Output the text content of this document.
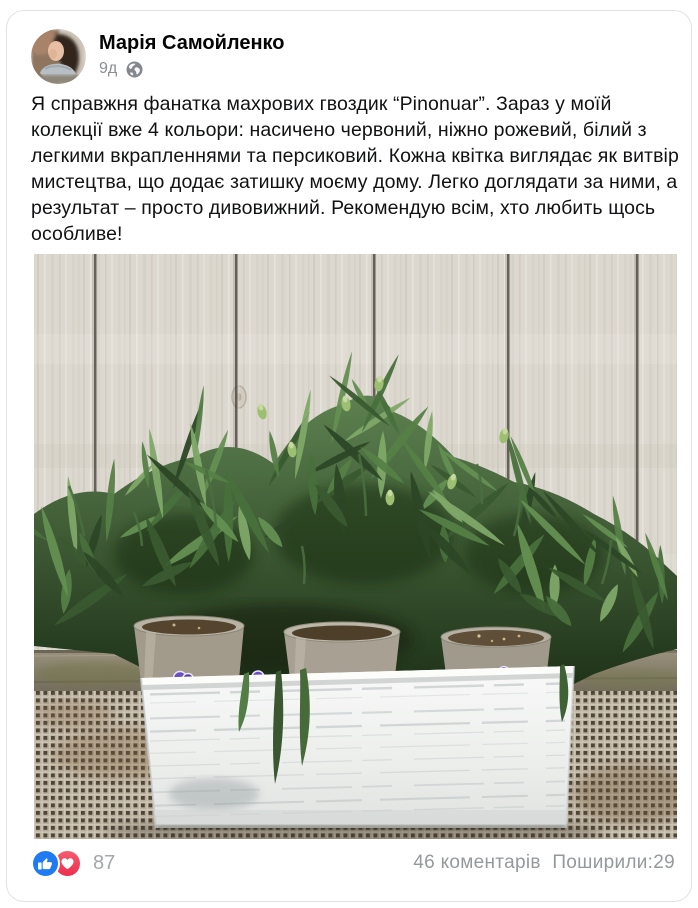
Марія Самойленко
9д
Я справжня фанатка махрових гвоздик “Pinonuar”. Зараз у моїй колекції вже 4 кольори: насичено червоний, ніжно рожевий, білий з легкими вкрапленнями та персиковий. Кожна квітка виглядає як витвір мистецтва, що додає затишку моєму дому. Легко доглядати за ними, а результат – просто дивовижний. Рекомендую всім, хто любить щось особливе!
87	46 коментарів Поширили:29
